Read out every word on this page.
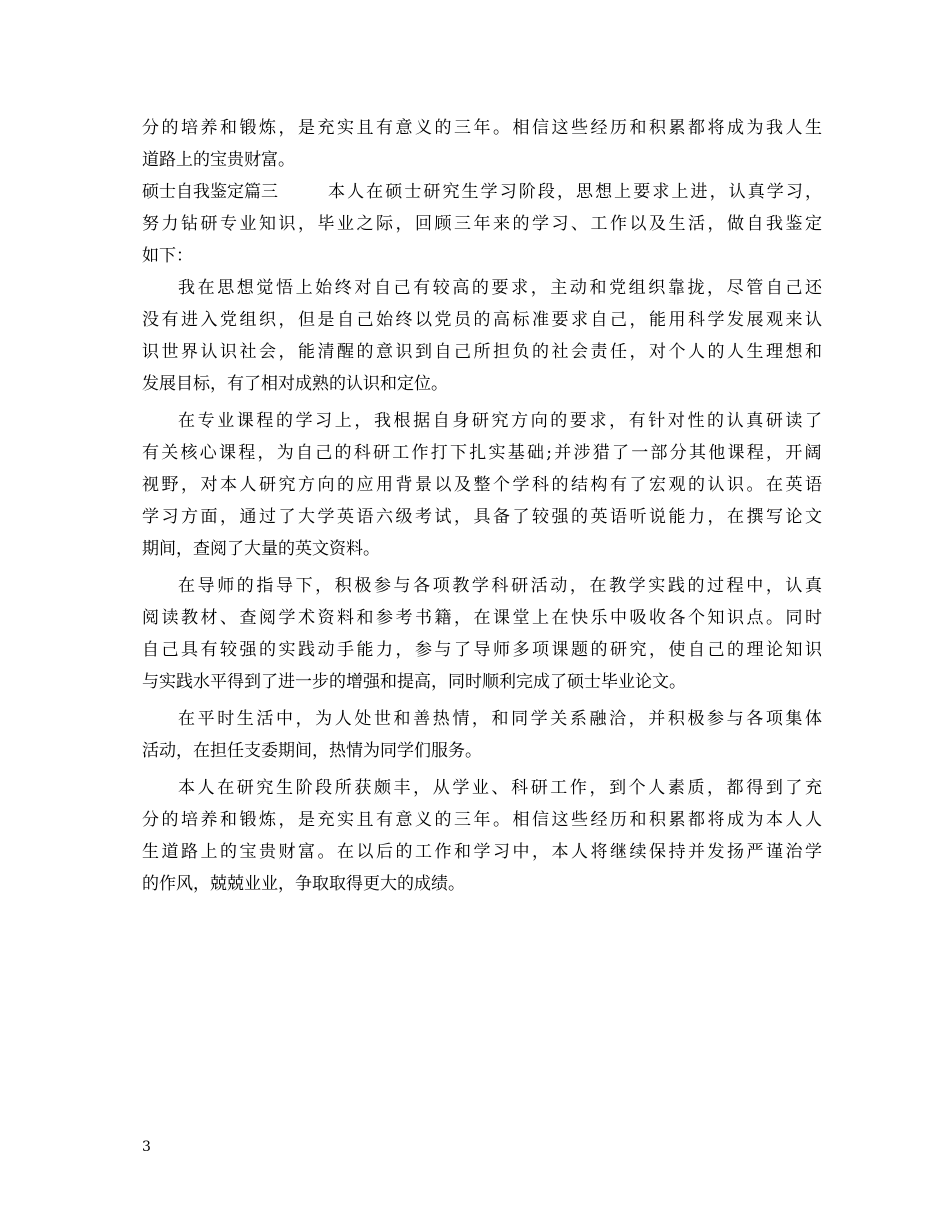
分 的 培 养 和 锻 炼 ， 是 充 实 且 有 意 义 的 三 年 。 相 信 这 些 经 历 和 积 累 都 将 成 为 我 人 生
道路上的宝贵财富。
硕士自我鉴定篇三	本 人 在 硕 士 研 究 生 学 习 阶 段 ， 思 想 上 要 求 上 进 ， 认 真 学 习 ，
努 力 钻 研 专 业 知 识 ， 毕 业 之 际 ， 回 顾 三 年 来 的 学 习 、 工 作 以 及 生 活 ， 做 自 我 鉴 定
如下：
我 在 思 想 觉 悟 上 始 终 对 自 己 有 较 高 的 要 求 ， 主 动 和 党 组 织 靠 拢 ， 尽 管 自 己 还
没 有 进 入 党 组 织 ， 但 是 自 己 始 终 以 党 员 的 高 标 准 要 求 自 己 ， 能 用 科 学 发 展 观 来 认
识 世 界 认 识 社 会 ， 能 清 醒 的 意 识 到 自 己 所 担 负 的 社 会 责 任 ， 对 个 人 的 人 生 理 想 和
发展目标，有了相对成熟的认识和定位。
在 专 业 课 程 的 学 习 上 ， 我 根 据 自 身 研 究 方 向 的 要 求 ， 有 针 对 性 的 认 真 研 读 了
有 关 核 心 课 程 ， 为 自 己 的 科 研 工 作 打 下 扎 实 基 础 ; 并 涉 猎 了 一 部 分 其 他 课 程 ， 开 阔
视 野 ， 对 本 人 研 究 方 向 的 应 用 背 景 以 及 整 个 学 科 的 结 构 有 了 宏 观 的 认 识 。 在 英 语
学 习 方 面 ， 通 过 了 大 学 英 语 六 级 考 试 ， 具 备 了 较 强 的 英 语 听 说 能 力 ， 在 撰 写 论 文
期间，查阅了大量的英文资料。
在 导 师 的 指 导 下 ， 积 极 参 与 各 项 教 学 科 研 活 动 ， 在 教 学 实 践 的 过 程 中 ， 认 真
阅 读 教 材 、 查 阅 学 术 资 料 和 参 考 书 籍 ， 在 课 堂 上 在 快 乐 中 吸 收 各 个 知 识 点 。 同 时
自 己 具 有 较 强 的 实 践 动 手 能 力 ， 参 与 了 导 师 多 项 课 题 的 研 究 ， 使 自 己 的 理 论 知 识
与实践水平得到了进一步的增强和提高，同时顺利完成了硕士毕业论文。
在 平 时 生 活 中 ， 为 人 处 世 和 善 热 情 ， 和 同 学 关 系 融 洽 ， 并 积 极 参 与 各 项 集 体
活动，在担任支委期间，热情为同学们服务。
本 人 在 研 究 生 阶 段 所 获 颇 丰 ， 从 学 业 、 科 研 工 作 ， 到 个 人 素 质 ， 都 得 到 了 充
分 的 培 养 和 锻 炼 ， 是 充 实 且 有 意 义 的 三 年 。 相 信 这 些 经 历 和 积 累 都 将 成 为 本 人 人
生 道 路 上 的 宝 贵 财 富 。 在 以 后 的 工 作 和 学 习 中 ， 本 人 将 继 续 保 持 并 发 扬 严 谨 治 学
的作风，兢兢业业，争取取得更大的成绩。
3
